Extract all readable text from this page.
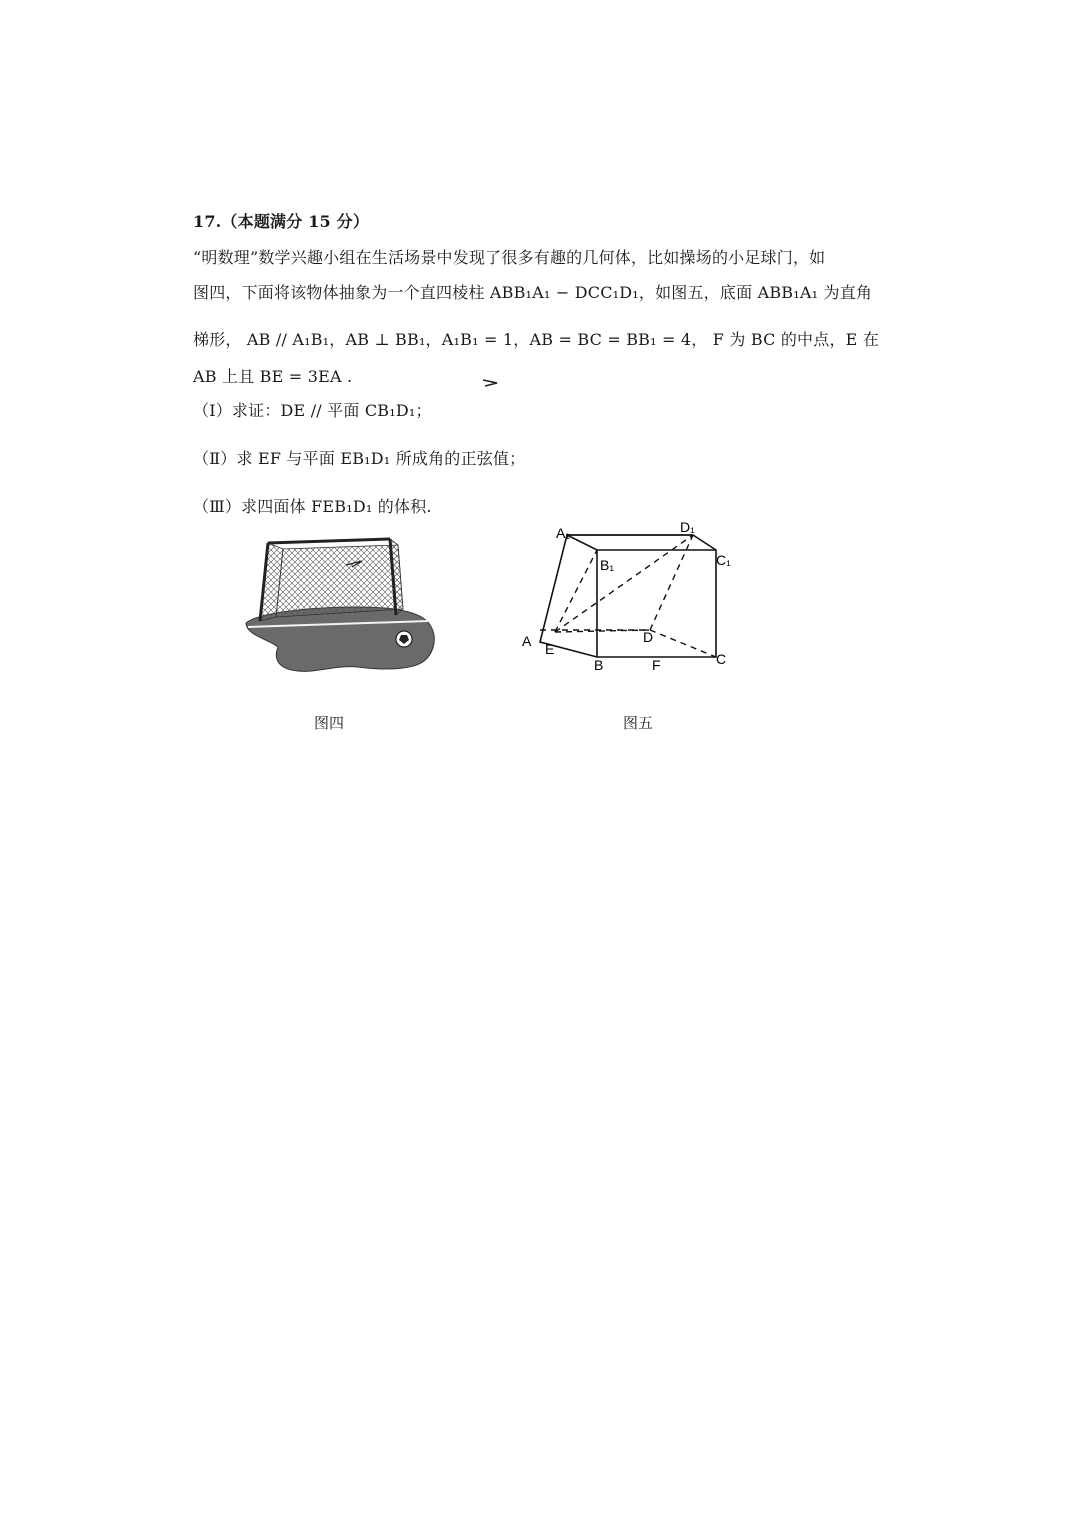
17.（本题满分 15 分）
“明数理”数学兴趣小组在生活场景中发现了很多有趣的几何体，比如操场的小足球门，如
图四，下面将该物体抽象为一个直四棱柱 ABB₁A₁ − DCC₁D₁，如图五，底面 ABB₁A₁ 为直角
梯形， AB // A₁B₁，AB ⊥ BB₁，A₁B₁ = 1，AB = BC = BB₁ = 4， F 为 BC 的中点，E 在
AB 上且 BE = 3EA .
（Ⅰ）求证：DE // 平面 CB₁D₁；
（Ⅱ）求 EF 与平面 EB₁D₁ 所成角的正弦值；
（Ⅲ）求四面体 FEB₁D₁ 的体积.
图四
A₁	D₁
B₁	C₁
A E
D
B	F	C
图五
